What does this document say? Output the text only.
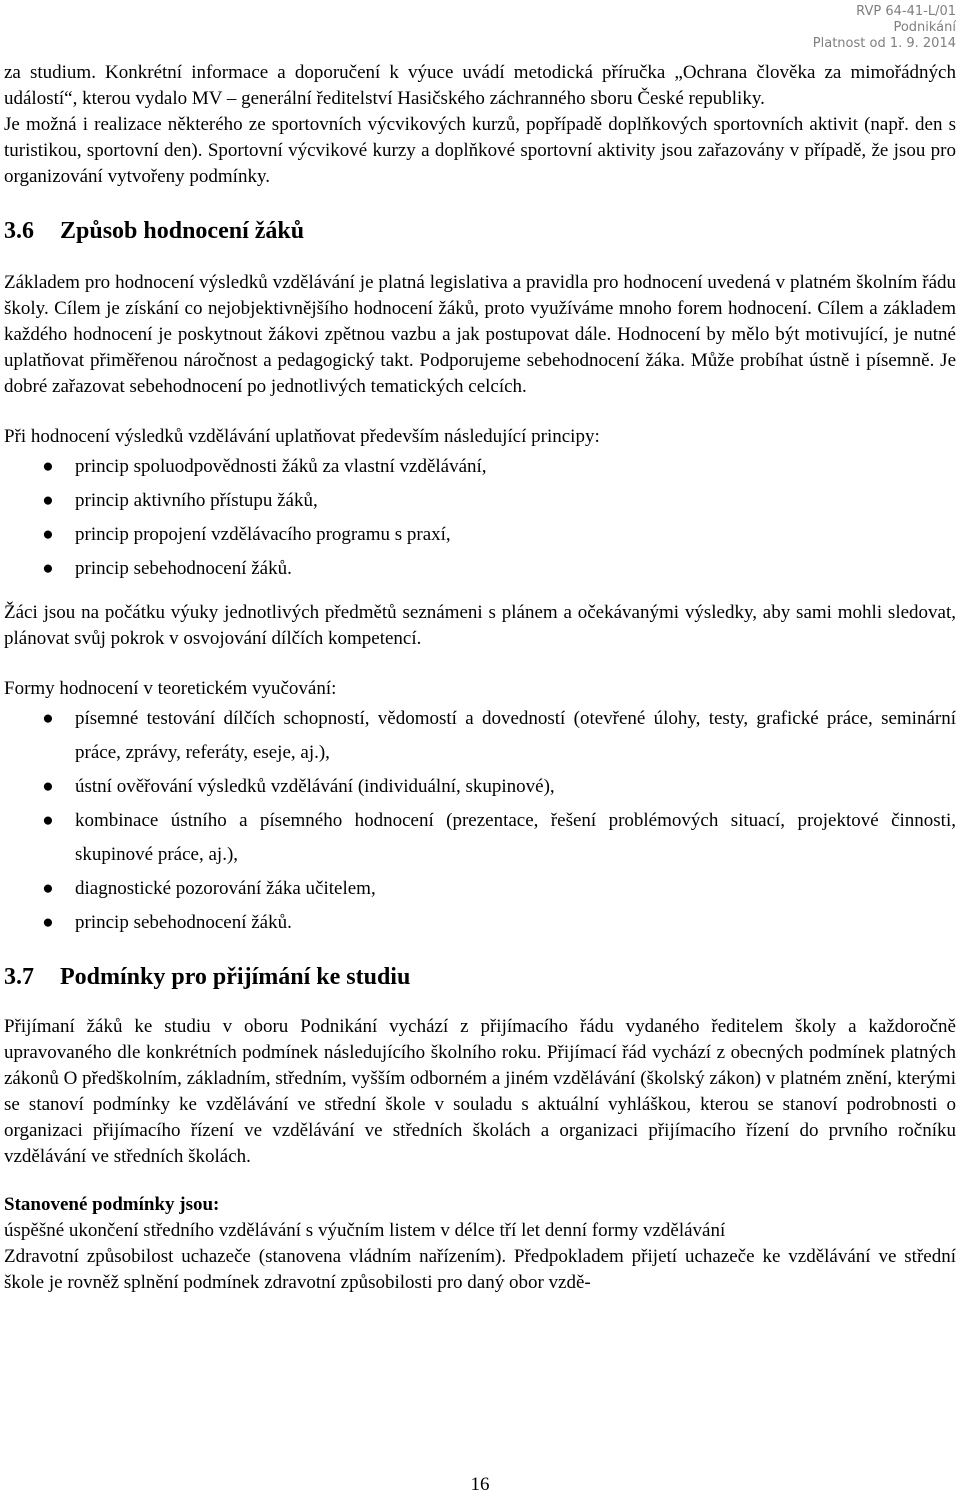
RVP 64-41-L/01
Podnikání
Platnost od 1. 9. 2014

za studium. Konkrétní informace a doporučení k výuce uvádí metodická příručka „Ochrana člověka za mimořádných událostí“, kterou vydalo MV – generální ředitelství Hasičského záchranného sboru České republiky.

Je možná i realizace některého ze sportovních výcvikových kurzů, popřípadě doplňkových sportovních aktivit (např. den s turistikou, sportovní den). Sportovní výcvikové kurzy a doplňkové sportovní aktivity jsou zařazovány v případě, že jsou pro organizování vytvořeny podmínky.

3.6 Způsob hodnocení žáků

Základem pro hodnocení výsledků vzdělávání je platná legislativa a pravidla pro hodnocení uvedená v platném školním řádu školy. Cílem je získání co nejobjektivnějšího hodnocení žáků, proto využíváme mnoho forem hodnocení. Cílem a základem každého hodnocení je poskytnout žákovi zpětnou vazbu a jak postupovat dále. Hodnocení by mělo být motivující, je nutné uplatňovat přiměřenou náročnost a pedagogický takt. Podporujeme sebehodnocení žáka. Může probíhat ústně i písemně. Je dobré zařazovat sebehodnocení po jednotlivých tematických celcích.

Při hodnocení výsledků vzdělávání uplatňovat především následující principy:

● princip spoluodpovědnosti žáků za vlastní vzdělávání,
● princip aktivního přístupu žáků,
● princip propojení vzdělávacího programu s praxí,
● princip sebehodnocení žáků.

Žáci jsou na počátku výuky jednotlivých předmětů seznámeni s plánem a očekávanými výsledky, aby sami mohli sledovat, plánovat svůj pokrok v osvojování dílčích kompetencí.

Formy hodnocení v teoretickém vyučování:

● písemné testování dílčích schopností, vědomostí a dovedností (otevřené úlohy, testy, grafické práce, seminární práce, zprávy, referáty, eseje, aj.),
● ústní ověřování výsledků vzdělávání (individuální, skupinové),
● kombinace ústního a písemného hodnocení (prezentace, řešení problémových situací, projektové činnosti, skupinové práce, aj.),
● diagnostické pozorování žáka učitelem,
● princip sebehodnocení žáků.
3.7 Podmínky pro přijímání ke studiu

Přijímaní žáků ke studiu v oboru Podnikání vychází z přijímacího řádu vydaného ředitelem školy a každoročně upravovaného dle konkrétních podmínek následujícího školního roku. Přijímací řád vychází z obecných podmínek platných zákonů O předškolním, základním, středním, vyšším odborném a jiném vzdělávání (školský zákon) v platném znění, kterými se stanoví podmínky ke vzdělávání ve střední škole v souladu s aktuální vyhláškou, kterou se stanoví podrobnosti o organizaci přijímacího řízení ve vzdělávání ve středních školách a organizaci přijímacího řízení do prvního ročníku vzdělávání ve středních školách.

Stanovené podmínky jsou:

úspěšné ukončení středního vzdělávání s výučním listem v délce tří let denní formy vzdělávání

Zdravotní způsobilost uchazeče (stanovena vládním nařízením). Předpokladem přijetí uchazeče ke vzdělávání ve střední škole je rovněž splnění podmínek zdravotní způsobilosti pro daný obor vzdě-

16
